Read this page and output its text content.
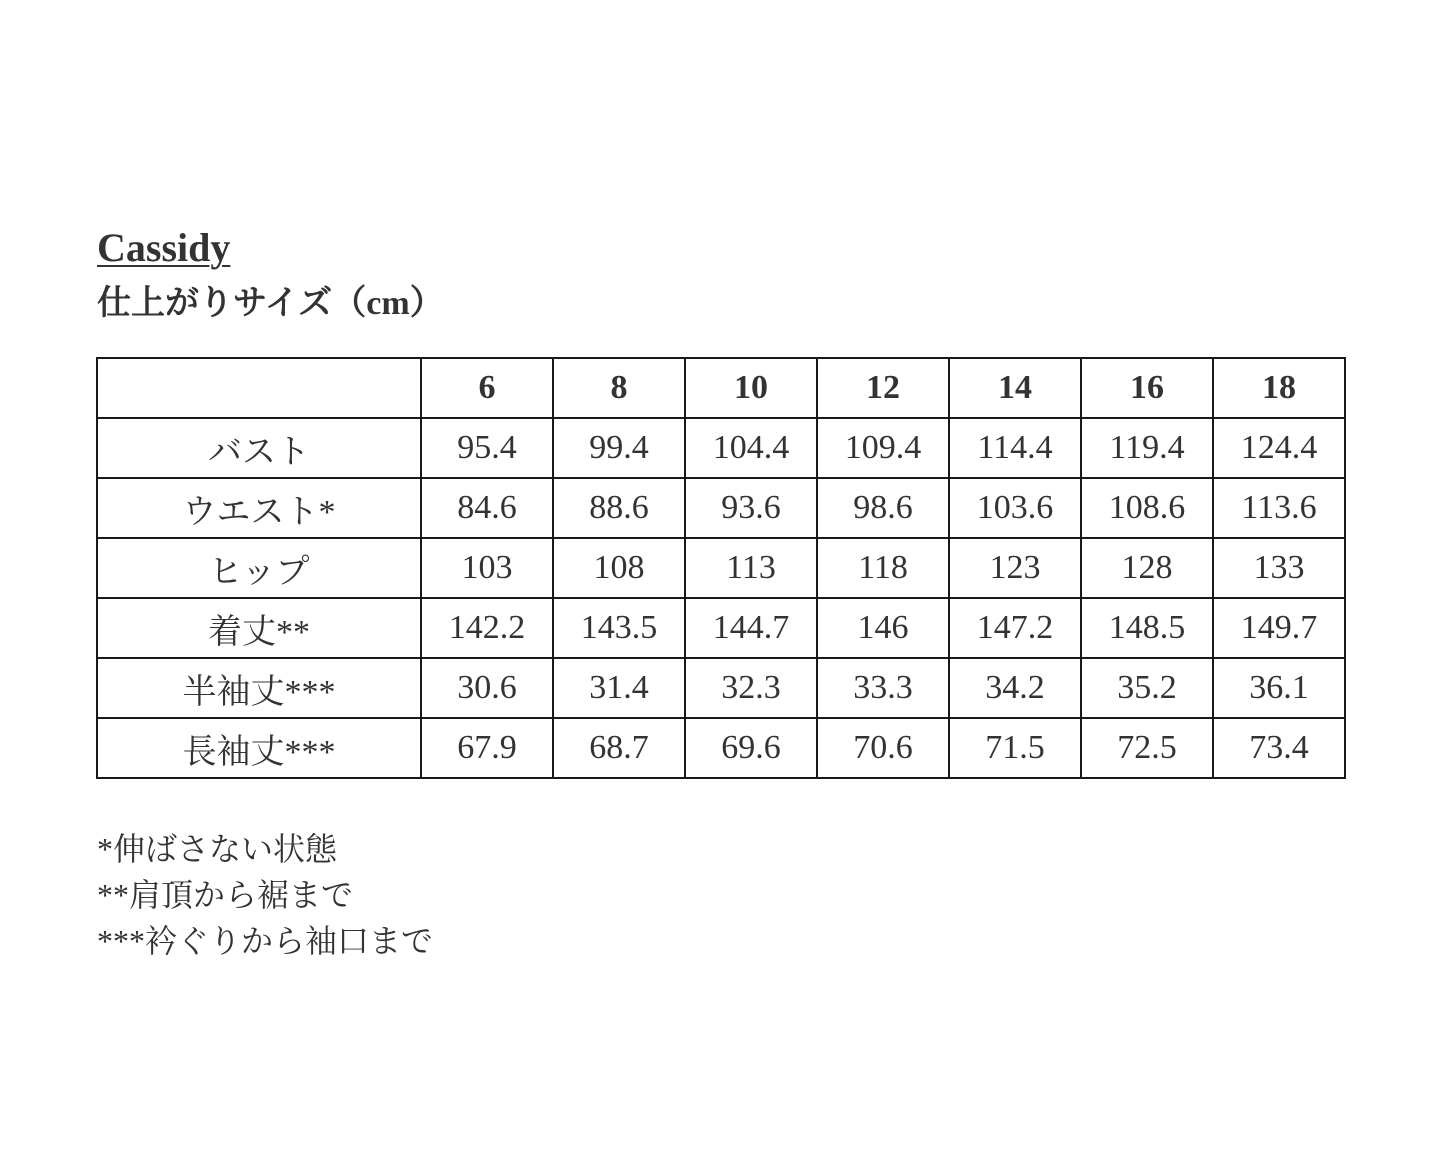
Cassidy
仕上がりサイズ（cm）
	6	8	10	12	14	16	18
バスト	95.4	99.4	104.4	109.4	114.4	119.4	124.4
ウエスト*	84.6	88.6	93.6	98.6	103.6	108.6	113.6
ヒップ	103	108	113	118	123	128	133
着丈**	142.2	143.5	144.7	146	147.2	148.5	149.7
半袖丈***	30.6	31.4	32.3	33.3	34.2	35.2	36.1
長袖丈***	67.9	68.7	69.6	70.6	71.5	72.5	73.4
*伸ばさない状態
**肩頂から裾まで
***衿ぐりから袖口まで
